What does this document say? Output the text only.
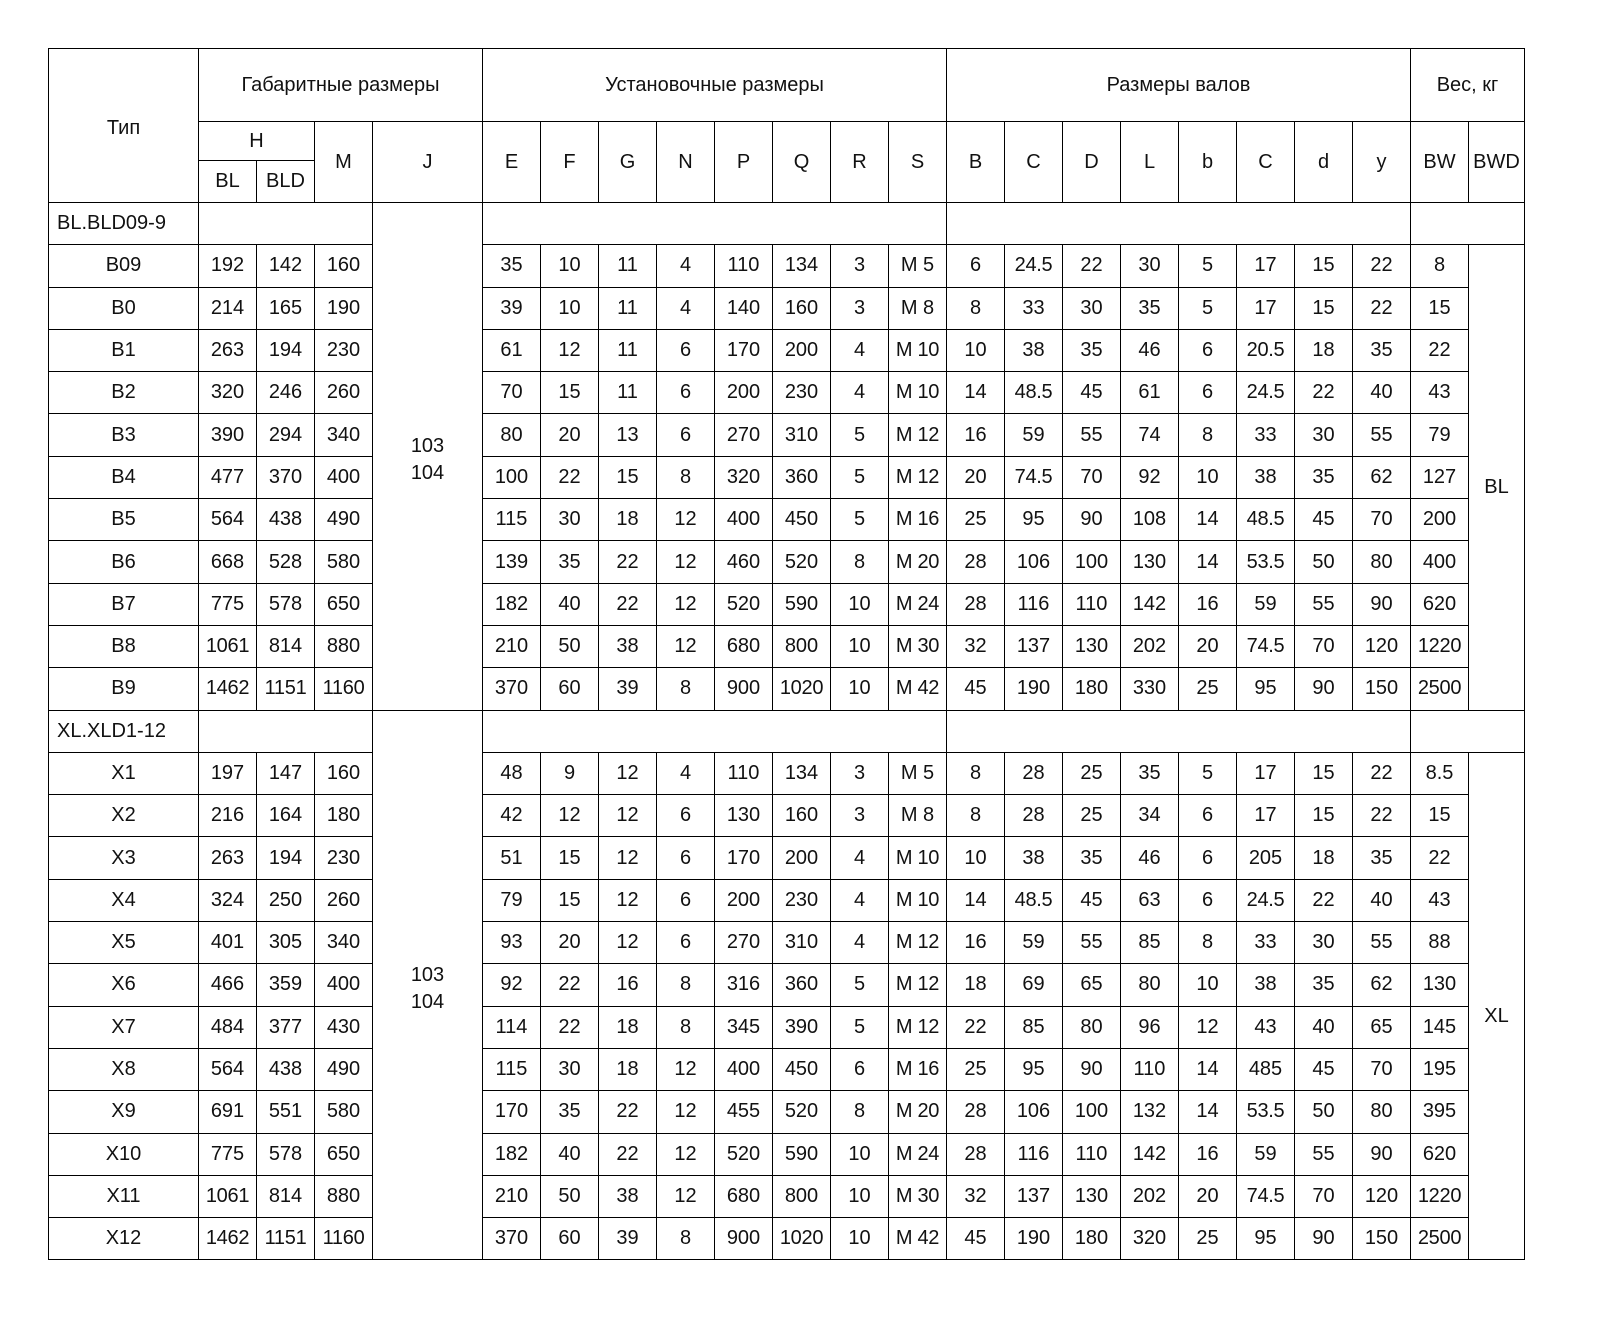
Тип	Габаритные размеры				Установочные размеры								Размеры валов								Вес, кг	
	H		M	J	E	F	G	N	P	Q	R	S	B	C	D	L	b	C	d	y	BW	BWD
	BL	BLD																				
BL.BLD09-9				103
104																		

B09	192	142	160		35	10	11	4	110	134	3	M 5	6	24.5	22	30	5	17	15	22	8	BL
B0	214	165	190		39	10	11	4	140	160	3	M 8	8	33	30	35	5	17	15	22	15	
B1	263	194	230		61	12	11	6	170	200	4	M 10	10	38	35	46	6	20.5	18	35	22	
B2	320	246	260		70	15	11	6	200	230	4	M 10	14	48.5	45	61	6	24.5	22	40	43	
B3	390	294	340		80	20	13	6	270	310	5	M 12	16	59	55	74	8	33	30	55	79	
B4	477	370	400		100	22	15	8	320	360	5	M 12	20	74.5	70	92	10	38	35	62	127	
B5	564	438	490		115	30	18	12	400	450	5	M 16	25	95	90	108	14	48.5	45	70	200	
B6	668	528	580		139	35	22	12	460	520	8	M 20	28	106	100	130	14	53.5	50	80	400	
B7	775	578	650		182	40	22	12	520	590	10	M 24	28	116	110	142	16	59	55	90	620	
B8	1061	814	880		210	50	38	12	680	800	10	M 30	32	137	130	202	20	74.5	70	120	1220	
B9	1462	1151	1160		370	60	39	8	900	1020	10	M 42	45	190	180	330	25	95	90	150	2500	
XL.XLD1-12				103
104																		

X1	197	147	160		48	9	12	4	110	134	3	M 5	8	28	25	35	5	17	15	22	8.5	XL
X2	216	164	180		42	12	12	6	130	160	3	M 8	8	28	25	34	6	17	15	22	15	
X3	263	194	230		51	15	12	6	170	200	4	M 10	10	38	35	46	6	205	18	35	22	
X4	324	250	260		79	15	12	6	200	230	4	M 10	14	48.5	45	63	6	24.5	22	40	43	
X5	401	305	340		93	20	12	6	270	310	4	M 12	16	59	55	85	8	33	30	55	88	
X6	466	359	400		92	22	16	8	316	360	5	M 12	18	69	65	80	10	38	35	62	130	
X7	484	377	430		114	22	18	8	345	390	5	M 12	22	85	80	96	12	43	40	65	145	
X8	564	438	490		115	30	18	12	400	450	6	M 16	25	95	90	110	14	485	45	70	195	
X9	691	551	580		170	35	22	12	455	520	8	M 20	28	106	100	132	14	53.5	50	80	395	
X10	775	578	650		182	40	22	12	520	590	10	M 24	28	116	110	142	16	59	55	90	620	
X11	1061	814	880		210	50	38	12	680	800	10	M 30	32	137	130	202	20	74.5	70	120	1220	
X12	1462	1151	1160		370	60	39	8	900	1020	10	M 42	45	190	180	320	25	95	90	150	2500	
